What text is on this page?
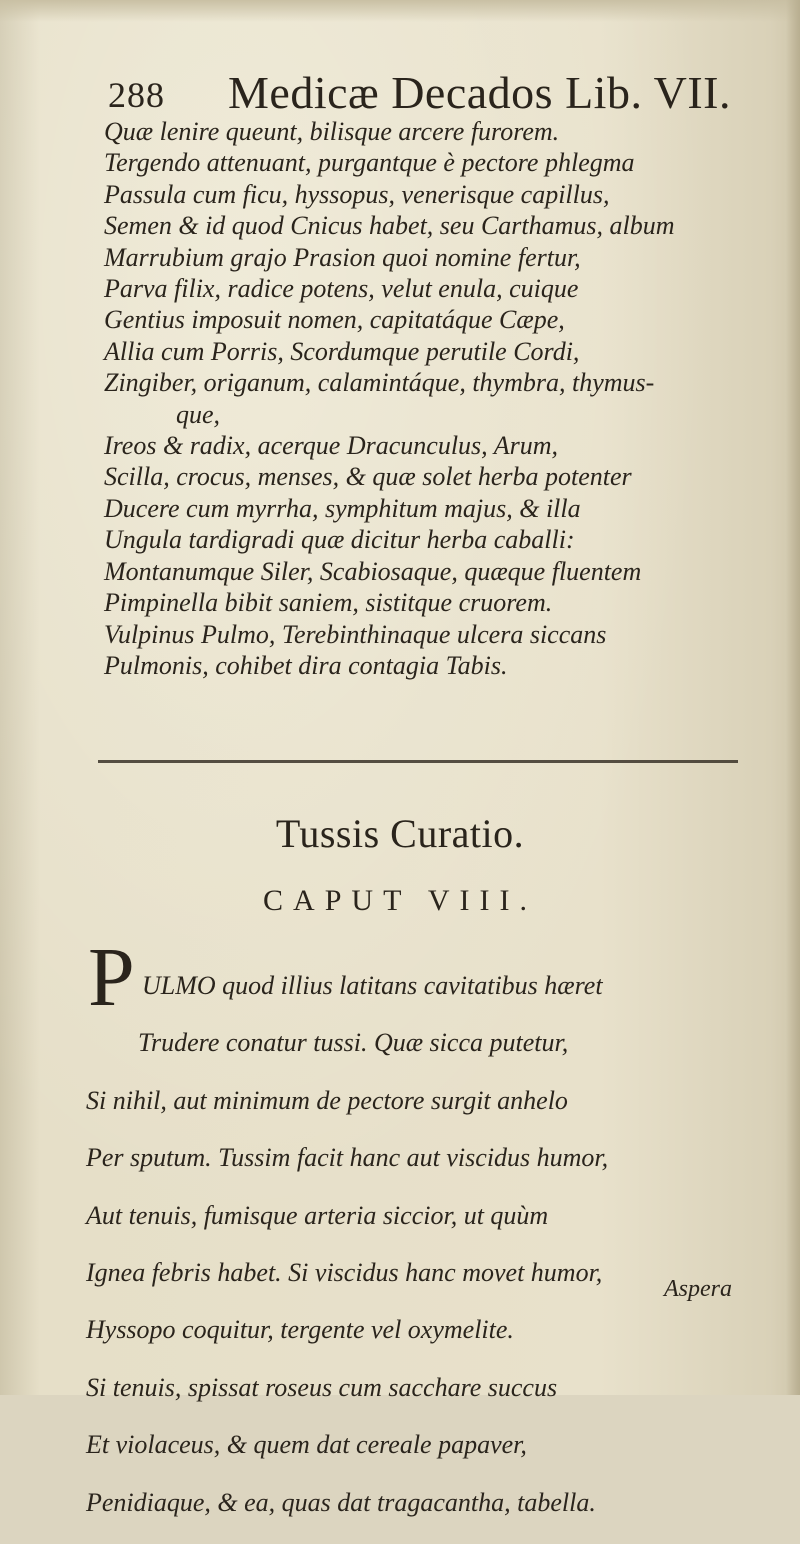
288 Medicæ Decados Lib. VII.

Quæ lenire queunt, bilisque arcere furorem.

Tergendo attenuant, purgantque è pectore phlegma

Passula cum ficu, hyssopus, venerisque capillus,

Semen & id quod Cnicus habet, seu Carthamus, album

Marrubium grajo Prasion quoi nomine fertur,

Parva filix, radice potens, velut enula, cuique

Gentius imposuit nomen, capitatáque Cæpe,

Allia cum Porris, Scordumque perutile Cordi,

Zingiber, origanum, calamintáque, thymbra, thymus-

que,

Ireos & radix, acerque Dracunculus, Arum,

Scilla, crocus, menses, & quæ solet herba potenter

Ducere cum myrrha, symphitum majus, & illa

Ungula tardigradi quæ dicitur herba caballi:

Montanumque Siler, Scabiosaque, quæque fluentem

Pimpinella bibit saniem, sistitque cruorem.

Vulpinus Pulmo, Terebinthinaque ulcera siccans

Pulmonis, cohibet dira contagia Tabis.

Tussis Curatio.
CAPUT VIII.
P ULMO quod illius latitans cavitatibus hæret

Trudere conatur tussi. Quæ sicca putetur,

Si nihil, aut minimum de pectore surgit anhelo

Per sputum. Tussim facit hanc aut viscidus humor,

Aut tenuis, fumisque arteria siccior, ut quùm

Ignea febris habet. Si viscidus hanc movet humor,

Hyssopo coquitur, tergente vel oxymelite.

Si tenuis, spissat roseus cum sacchare succus

Et violaceus, & quem dat cereale papaver,

Penidiaque, & ea, quas dat tragacantha, tabella.

Aspera
